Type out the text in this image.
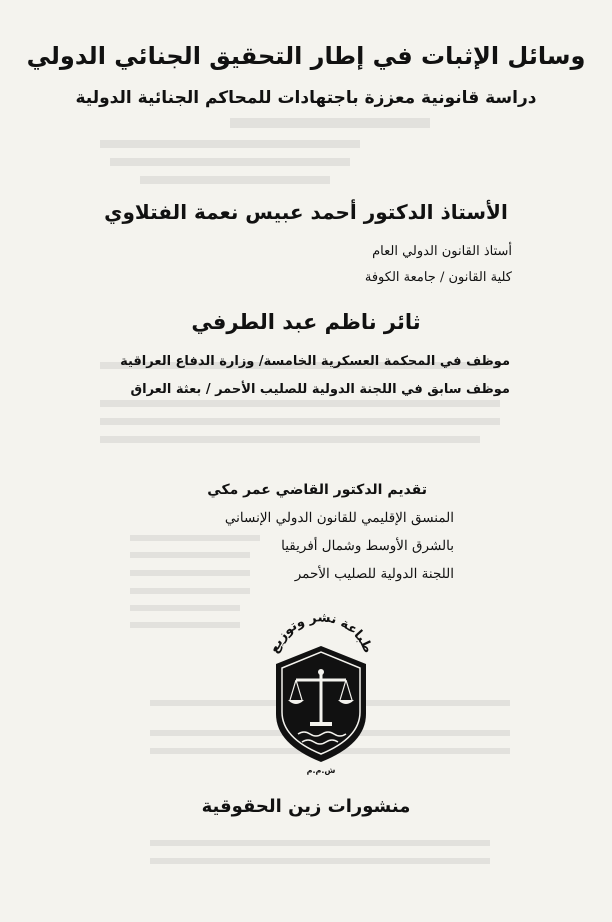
وسائل الإثبات في إطار التحقيق الجنائي الدولي
دراسة قانونية معززة باجتهادات للمحاكم الجنائية الدولية
الأستاذ الدكتور أحمد عبيس نعمة الفتلاوي
أستاذ القانون الدولي العام
كلية القانون / جامعة الكوفة
ثائر ناظم عبد الطرفي
موظف في المحكمة العسكرية الخامسة/ وزارة الدفاع العراقية
موظف سابق في اللجنة الدولية للصليب الأحمر / بعثة العراق
تقديم الدكتور القاضي عمر مكي
المنسق الإقليمي للقانون الدولي الإنساني
بالشرق الأوسط وشمال أفريقيا
اللجنة الدولية للصليب الأحمر
طباعة نشر وتوزيع
ش.م.م
منشورات زين الحقوقية
